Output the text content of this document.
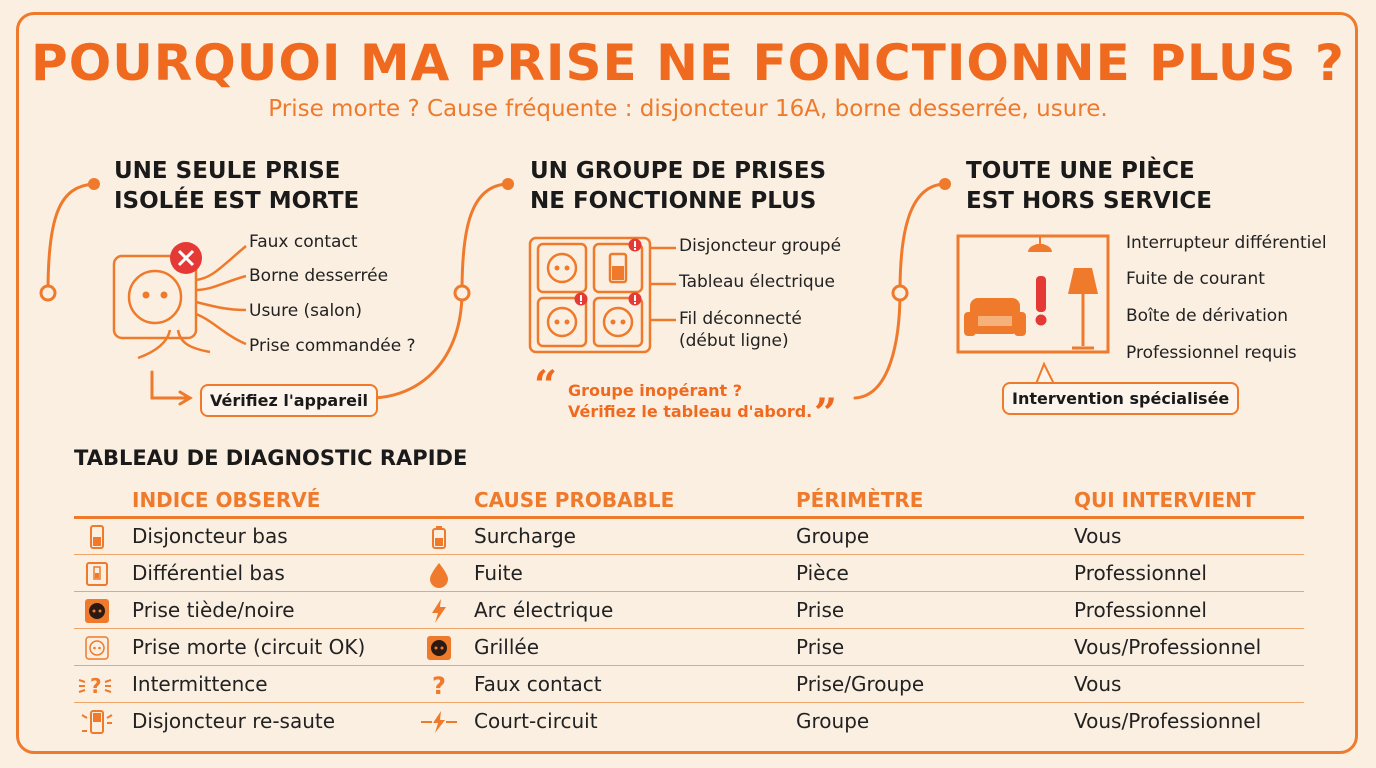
POURQUOI MA PRISE NE FONCTIONNE PLUS ?
Prise morte ? Cause fréquente : disjoncteur 16A, borne desserrée, usure.
UNE SEULE PRISE
ISOLÉE EST MORTE
Faux contact
Borne desserrée
Usure (salon)
Prise commandée ?
Vérifiez l'appareil
UN GROUPE DE PRISES
NE FONCTIONNE PLUS
Disjoncteur groupé
Tableau électrique
Fil déconnecté
(début ligne)
“ Groupe inopérant ?
Vérifiez le tableau d'abord. ”
TOUTE UNE PIÈCE
EST HORS SERVICE
Interrupteur différentiel
Fuite de courant
Boîte de dérivation
Professionnel requis
Intervention spécialisée
TABLEAU DE DIAGNOSTIC RAPIDE
INDICE OBSERVÉ	CAUSE PROBABLE	PÉRIMÈTRE	QUI INTERVIENT
Disjoncteur bas	Surcharge	Groupe	Vous
Différentiel bas	Fuite	Pièce	Professionnel
Prise tiède/noire	Arc électrique	Prise	Professionnel
Prise morte (circuit OK)	Grillée	Prise	Vous/Professionnel
? Intermittence	? Faux contact	Prise/Groupe	Vous
Disjoncteur re-saute	Court-circuit	Groupe	Vous/Professionnel
